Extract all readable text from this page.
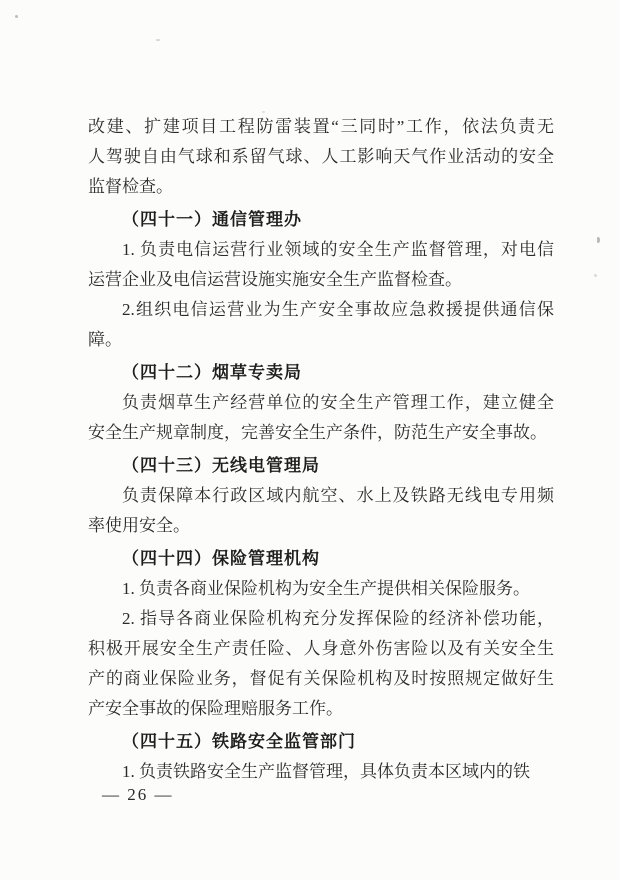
改建、扩建项目工程防雷装置“三同时”工作，依法负责无
人驾驶自由气球和系留气球、人工影响天气作业活动的安全
监督检查。
（四十一）通信管理办
1. 负责电信运营行业领域的安全生产监督管理，对电信
运营企业及电信运营设施实施安全生产监督检查。
2.组织电信运营业为生产安全事故应急救援提供通信保
障。
（四十二）烟草专卖局
负责烟草生产经营单位的安全生产管理工作，建立健全
安全生产规章制度，完善安全生产条件，防范生产安全事故。
（四十三）无线电管理局
负责保障本行政区域内航空、水上及铁路无线电专用频
率使用安全。
（四十四）保险管理机构
1. 负责各商业保险机构为安全生产提供相关保险服务。
2. 指导各商业保险机构充分发挥保险的经济补偿功能，
积极开展安全生产责任险、人身意外伤害险以及有关安全生
产的商业保险业务，督促有关保险机构及时按照规定做好生
产安全事故的保险理赔服务工作。
（四十五）铁路安全监管部门
1. 负责铁路安全生产监督管理，具体负责本区域内的铁
— 26 —
